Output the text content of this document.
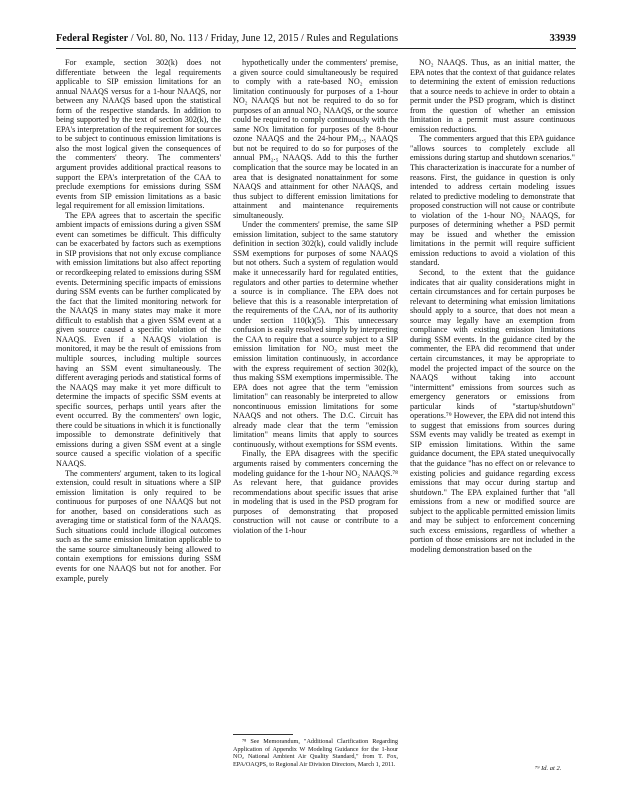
Federal Register / Vol. 80, No. 113 / Friday, June 12, 2015 / Rules and Regulations	33939

For example, section 302(k) does not differentiate between the legal requirements applicable to SIP emission limitations for an annual NAAQS versus for a 1-hour NAAQS, nor between any NAAQS based upon the statistical form of the respective standards. In addition to being supported by the text of section 302(k), the EPA's interpretation of the requirement for sources to be subject to continuous emission limitations is also the most logical given the consequences of the commenters' theory. The commenters' argument provides additional practical reasons to support the EPA's interpretation of the CAA to preclude exemptions for emissions during SSM events from SIP emission limitations as a basic legal requirement for all emission limitations.

The EPA agrees that to ascertain the specific ambient impacts of emissions during a given SSM event can sometimes be difficult. This difficulty can be exacerbated by factors such as exemptions in SIP provisions that not only excuse compliance with emission limitations but also affect reporting or recordkeeping related to emissions during SSM events. Determining specific impacts of emissions during SSM events can be further complicated by the fact that the limited monitoring network for the NAAQS in many states may make it more difficult to establish that a given SSM event at a given source caused a specific violation of the NAAQS. Even if a NAAQS violation is monitored, it may be the result of emissions from multiple sources, including multiple sources having an SSM event simultaneously. The different averaging periods and statistical forms of the NAAQS may make it yet more difficult to determine the impacts of specific SSM events at specific sources, perhaps until years after the event occurred. By the commenters' own logic, there could be situations in which it is functionally impossible to demonstrate definitively that emissions during a given SSM event at a single source caused a specific violation of a specific NAAQS.

The commenters' argument, taken to its logical extension, could result in situations where a SIP emission limitation is only required to be continuous for purposes of one NAAQS but not for another, based on considerations such as averaging time or statistical form of the NAAQS. Such situations could include illogical outcomes such as the same emission limitation applicable to the same source simultaneously being allowed to contain exemptions for emissions during SSM events for one NAAQS but not for another. For example, purely

hypothetically under the commenters' premise, a given source could simultaneously be required to comply with a rate-based NO₂ emission limitation continuously for purposes of a 1-hour NO₂ NAAQS but not be required to do so for purposes of an annual NO₂ NAAQS, or the source could be required to comply continuously with the same NOx limitation for purposes of the 8-hour ozone NAAQS and the 24-hour PM₂.₅ NAAQS but not be required to do so for purposes of the annual PM₂.₅ NAAQS. Add to this the further complication that the source may be located in an area that is designated nonattainment for some NAAQS and attainment for other NAAQS, and thus subject to different emission limitations for attainment and maintenance requirements simultaneously.

Under the commenters' premise, the same SIP emission limitation, subject to the same statutory definition in section 302(k), could validly include SSM exemptions for purposes of some NAAQS but not others. Such a system of regulation would make it unnecessarily hard for regulated entities, regulators and other parties to determine whether a source is in compliance. The EPA does not believe that this is a reasonable interpretation of the requirements of the CAA, nor of its authority under section 110(k)(5). This unnecessary confusion is easily resolved simply by interpreting the CAA to require that a source subject to a SIP emission limitation for NO₂ must meet the emission limitation continuously, in accordance with the express requirement of section 302(k), thus making SSM exemptions impermissible. The EPA does not agree that the term "emission limitation" can reasonably be interpreted to allow noncontinuous emission limitations for some NAAQS and not others. The D.C. Circuit has already made clear that the term "emission limitation" means limits that apply to sources continuously, without exemptions for SSM events.

Finally, the EPA disagrees with the specific arguments raised by commenters concerning the modeling guidance for the 1-hour NO₂ NAAQS.⁷⁸ As relevant here, that guidance provides recommendations about specific issues that arise in modeling that is used in the PSD program for purposes of demonstrating that proposed construction will not cause or contribute to a violation of the 1-hour

NO₂ NAAQS. Thus, as an initial matter, the EPA notes that the context of that guidance relates to determining the extent of emission reductions that a source needs to achieve in order to obtain a permit under the PSD program, which is distinct from the question of whether an emission limitation in a permit must assure continuous emission reductions.

The commenters argued that this EPA guidance "allows sources to completely exclude all emissions during startup and shutdown scenarios." This characterization is inaccurate for a number of reasons. First, the guidance in question is only intended to address certain modeling issues related to predictive modeling to demonstrate that proposed construction will not cause or contribute to violation of the 1-hour NO₂ NAAQS, for purposes of determining whether a PSD permit may be issued and whether the emission limitations in the permit will require sufficient emission reductions to avoid a violation of this standard.

Second, to the extent that the guidance indicates that air quality considerations might in certain circumstances and for certain purposes be relevant to determining what emission limitations should apply to a source, that does not mean a source may legally have an exemption from compliance with existing emission limitations during SSM events. In the guidance cited by the commenter, the EPA did recommend that under certain circumstances, it may be appropriate to model the projected impact of the source on the NAAQS without taking into account "intermittent" emissions from sources such as emergency generators or emissions from particular kinds of "startup/shutdown" operations.⁷⁹ However, the EPA did not intend this to suggest that emissions from sources during SSM events may validly be treated as exempt in SIP emission limitations. Within the same guidance document, the EPA stated unequivocally that the guidance "has no effect on or relevance to existing policies and guidance regarding excess emissions that may occur during startup and shutdown." The EPA explained further that "all emissions from a new or modified source are subject to the applicable permitted emission limits and may be subject to enforcement concerning such excess emissions, regardless of whether a portion of those emissions are not included in the modeling demonstration based on the

⁷⁸ See Memorandum, "Additional Clarification Regarding Application of Appendix W Modeling Guidance for the 1-hour NO₂ National Ambient Air Quality Standard," from T. Fox, EPA/OAQPS, to Regional Air Division Directors, March 1, 2011.

⁷⁹ Id. at 2.
